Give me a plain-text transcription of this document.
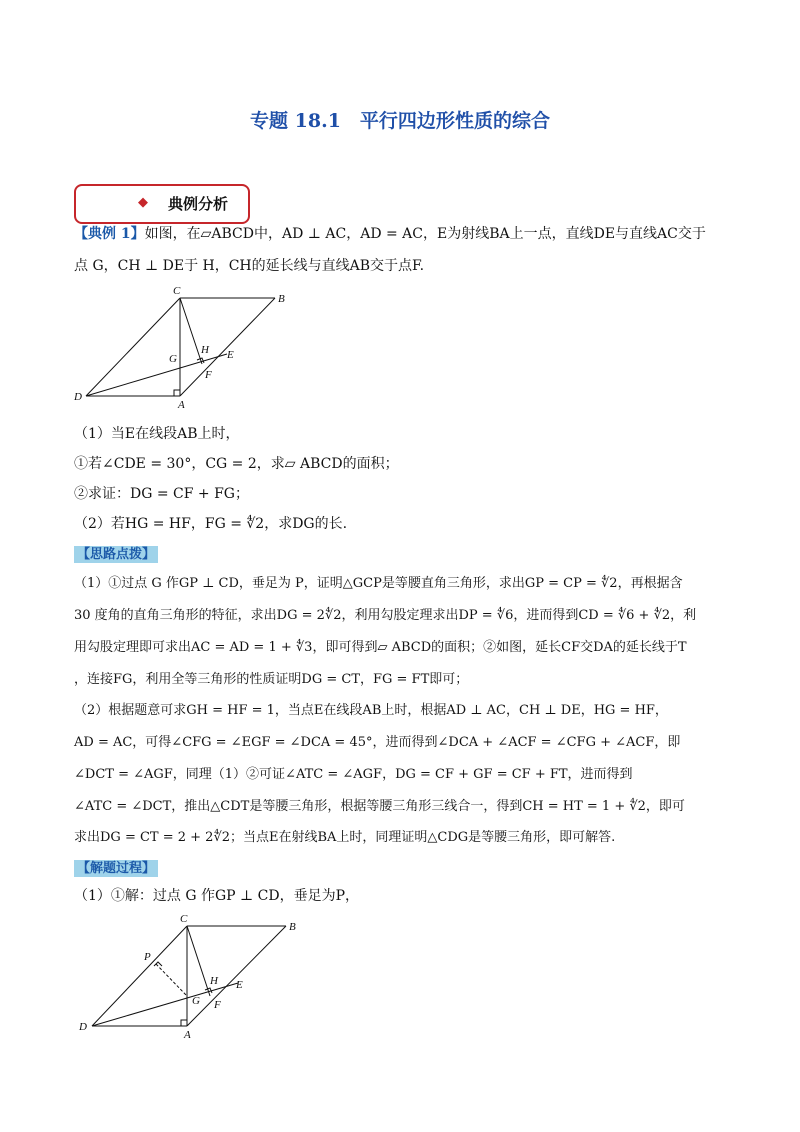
专题 18.1　平行四边形性质的综合
◆ 典例分析
【典例 1】如图，在▱ABCD中，AD ⊥ AC，AD = AC，E为射线BA上一点，直线DE与直线AC交于
点 G，CH ⊥ DE于 H，CH的延长线与直线AB交于点F.
C
B
G
H E
F
D
A
（1）当E在线段AB上时，
①若∠CDE = 30°，CG = 2，求▱ ABCD的面积；
②求证：DG = CF + FG；
（2）若HG = HF，FG = ∜2，求DG的长.
【思路点拨】
（1）①过点 G 作GP ⊥ CD，垂足为 P，证明△GCP是等腰直角三角形，求出GP = CP = ∜2，再根据含
30 度角的直角三角形的特征，求出DG = 2∜2，利用勾股定理求出DP = ∜6，进而得到CD = ∜6 + ∜2，利
用勾股定理即可求出AC = AD = 1 + ∜3，即可得到▱ ABCD的面积；②如图，延长CF交DA的延长线于T
，连接FG，利用全等三角形的性质证明DG = CT，FG = FT即可；
（2）根据题意可求GH = HF = 1，当点E在线段AB上时，根据AD ⊥ AC，CH ⊥ DE，HG = HF，
AD = AC，可得∠CFG = ∠EGF = ∠DCA = 45°，进而得到∠DCA + ∠ACF = ∠CFG + ∠ACF，即
∠DCT = ∠AGF，同理（1）②可证∠ATC = ∠AGF，DG = CF + GF = CF + FT，进而得到
∠ATC = ∠DCT，推出△CDT是等腰三角形，根据等腰三角形三线合一，得到CH = HT = 1 + ∜2，即可
求出DG = CT = 2 + 2∜2；当点E在射线BA上时，同理证明△CDG是等腰三角形，即可解答.
【解题过程】
（1）①解：过点 G 作GP ⊥ CD，垂足为P，
C
B
P
H E
G F
D
A
